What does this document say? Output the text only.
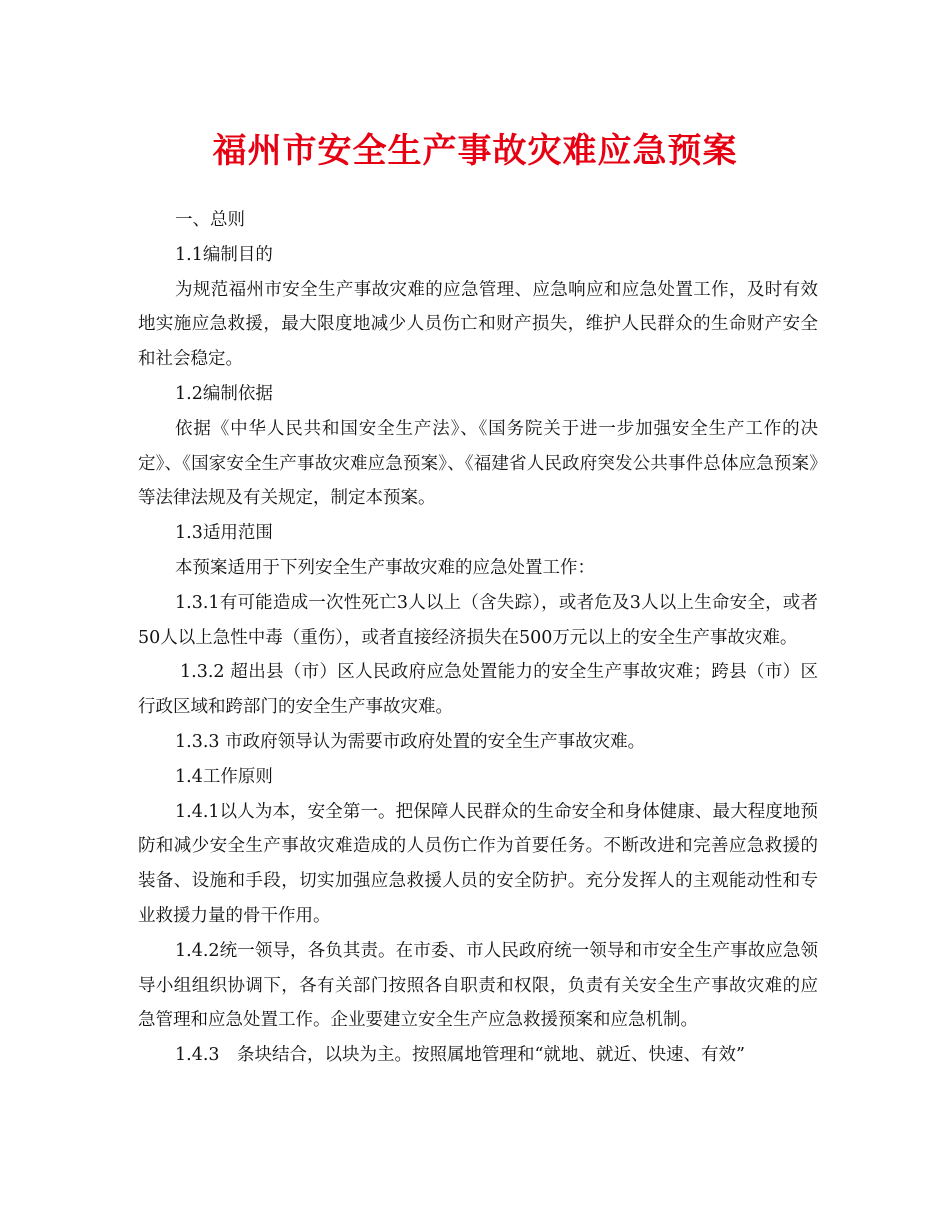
福州市安全生产事故灾难应急预案

一、总则

1.1编制目的

为规范福州市安全生产事故灾难的应急管理、应急响应和应急处置工作，及时有效地实施应急救援，最大限度地减少人员伤亡和财产损失，维护人民群众的生命财产安全和社会稳定。

1.2编制依据

依据《中华人民共和国安全生产法》、《国务院关于进一步加强安全生产工作的决定》、《国家安全生产事故灾难应急预案》、《福建省人民政府突发公共事件总体应急预案》等法律法规及有关规定，制定本预案。

1.3适用范围

本预案适用于下列安全生产事故灾难的应急处置工作：

1.3.1有可能造成一次性死亡3人以上（含失踪），或者危及3人以上生命安全，或者50人以上急性中毒（重伤），或者直接经济损失在500万元以上的安全生产事故灾难。

1.3.2 超出县（市）区人民政府应急处置能力的安全生产事故灾难；跨县（市）区行政区域和跨部门的安全生产事故灾难。

1.3.3 市政府领导认为需要市政府处置的安全生产事故灾难。

1.4工作原则

1.4.1以人为本，安全第一。把保障人民群众的生命安全和身体健康、最大程度地预防和减少安全生产事故灾难造成的人员伤亡作为首要任务。不断改进和完善应急救援的装备、设施和手段，切实加强应急救援人员的安全防护。充分发挥人的主观能动性和专业救援力量的骨干作用。

1.4.2统一领导，各负其责。在市委、市人民政府统一领导和市安全生产事故应急领导小组组织协调下，各有关部门按照各自职责和权限，负责有关安全生产事故灾难的应急管理和应急处置工作。企业要建立安全生产应急救援预案和应急机制。

1.4.3　条块结合，以块为主。按照属地管理和“就地、就近、快速、有效”
